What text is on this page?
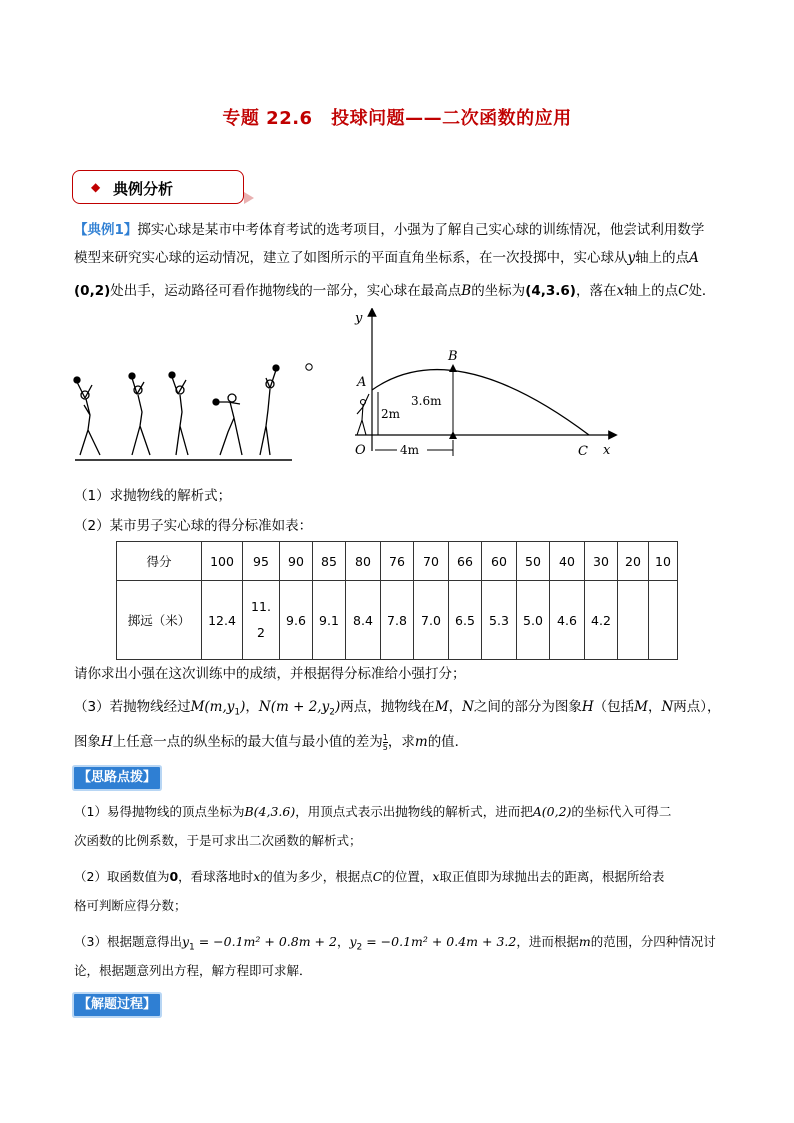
专题 22.6　投球问题——二次函数的应用
◆ 典例分析
【典例1】掷实心球是某市中考体育考试的选考项目，小强为了解自己实心球的训练情况，他尝试利用数学
模型来研究实心球的运动情况，建立了如图所示的平面直角坐标系，在一次投掷中，实心球从y轴上的点A
(0,2)处出手，运动路径可看作抛物线的一部分，实心球在最高点B的坐标为(4,3.6)，落在x轴上的点C处．
y
x
O
A
B
C
2m
3.6m
4m
（1）求抛物线的解析式；
（2）某市男子实心球的得分标准如表：
得分	100	95	90	85	80	76	70	66	60	50	40	30	20	10
掷远（米）	12.4	11.
2	9.6	9.1	8.4	7.8	7.0	6.5	5.3	5.0	4.6	4.2		
请你求出小强在这次训练中的成绩，并根据得分标准给小强打分；
（3）若抛物线经过$M(m,y_1)$，$N(m + 2,y_2)$两点，抛物线在M，N之间的部分为图象H（包括M，N两点），
图象H上任意一点的纵坐标的最大值与最小值的差为 $\frac{1}{5}$ ，求m的值．
【思路点拨】
（1）易得抛物线的顶点坐标为B(4,3.6)，用顶点式表示出抛物线的解析式，进而把A(0,2)的坐标代入可得二
次函数的比例系数，于是可求出二次函数的解析式；
（2）取函数值为0，看球落地时x的值为多少，根据点C的位置，x取正值即为球抛出去的距离，根据所给表
格可判断应得分数；
（3）根据题意得出$y_1 = -0.1m^2 + 0.8m + 2$，$y_2 = -0.1m^2 + 0.4m + 3.2$，进而根据m的范围，分四种情况讨
论，根据题意列出方程，解方程即可求解．
【解题过程】
